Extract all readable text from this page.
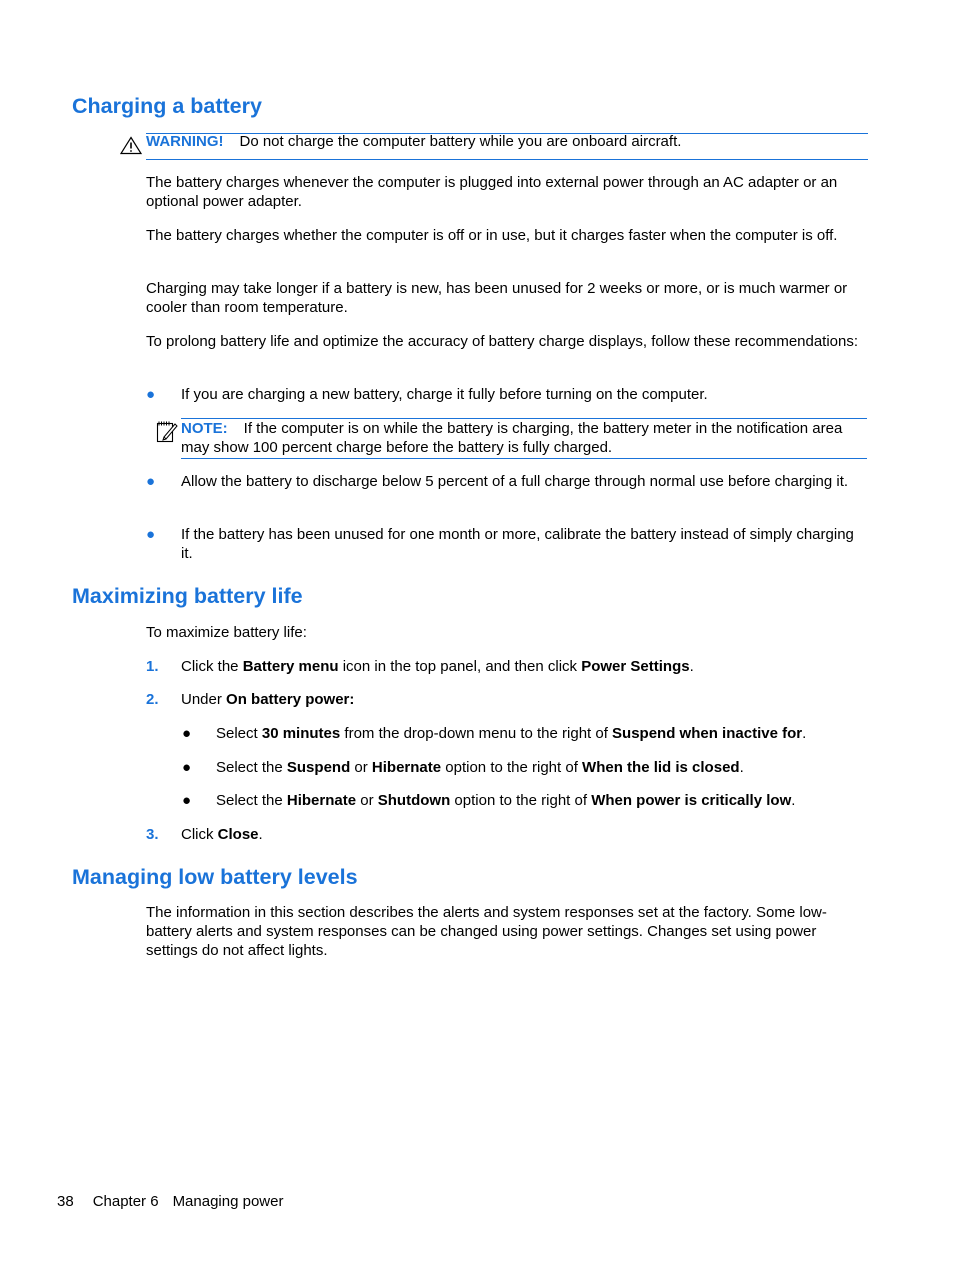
Charging a battery
WARNING! Do not charge the computer battery while you are onboard aircraft.

The battery charges whenever the computer is plugged into external power through an AC adapter or an optional power adapter.

The battery charges whether the computer is off or in use, but it charges faster when the computer is off.

Charging may take longer if a battery is new, has been unused for 2 weeks or more, or is much warmer or cooler than room temperature.

To prolong battery life and optimize the accuracy of battery charge displays, follow these recommendations:

● If you are charging a new battery, charge it fully before turning on the computer.

NOTE: If the computer is on while the battery is charging, the battery meter in the notification area may show 100 percent charge before the battery is fully charged.
● Allow the battery to discharge below 5 percent of a full charge through normal use before charging it.

● If the battery has been unused for one month or more, calibrate the battery instead of simply charging it.

Maximizing battery life

To maximize battery life:

1. Click the Battery menu icon in the top panel, and then click Power Settings.

2. Under On battery power:

● Select 30 minutes from the drop-down menu to the right of Suspend when inactive for.

● Select the Suspend or Hibernate option to the right of When the lid is closed.

● Select the Hibernate or Shutdown option to the right of When power is critically low.

3. Click Close.

Managing low battery levels

The information in this section describes the alerts and system responses set at the factory. Some low-battery alerts and system responses can be changed using power settings. Changes set using power settings do not affect lights.

38 Chapter 6 Managing power
